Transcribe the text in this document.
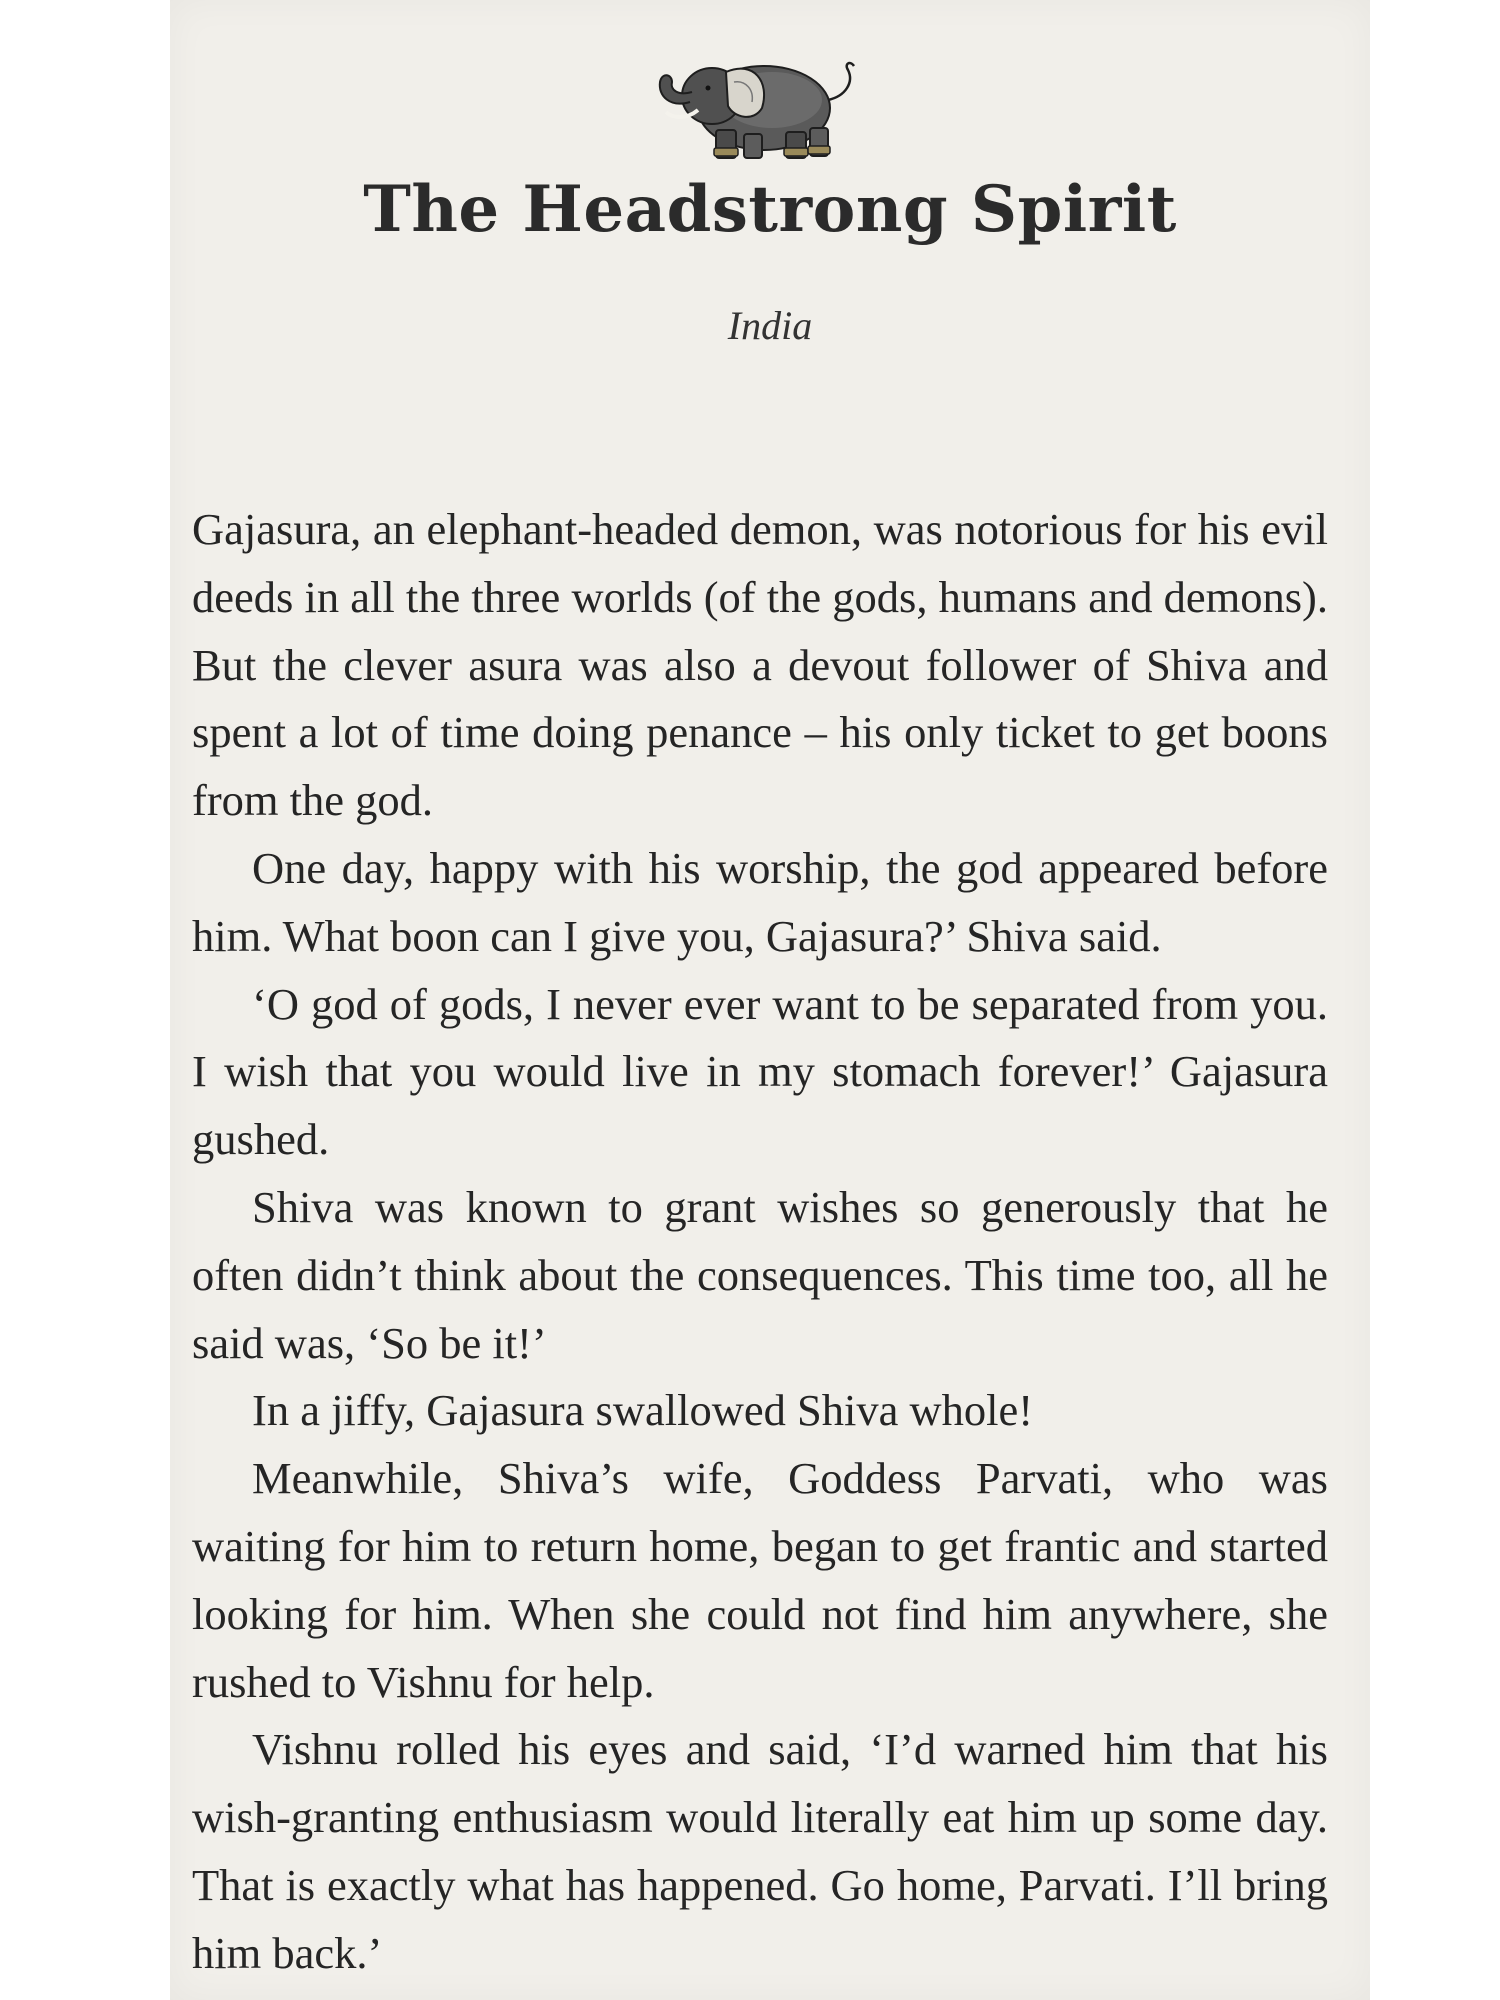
The Headstrong Spirit
India

Gajasura, an elephant-headed demon, was notorious for his evil deeds in all the three worlds (of the gods, humans and demons). But the clever asura was also a devout follower of Shiva and spent a lot of time doing penance – his only ticket to get boons from the god.

One day, happy with his worship, the god appeared before him. What boon can I give you, Gajasura?’ Shiva said.

‘O god of gods, I never ever want to be separated from you. I wish that you would live in my stomach forever!’ Gajasura gushed.

Shiva was known to grant wishes so generously that he often didn’t think about the consequences. This time too, all he said was, ‘So be it!’

In a jiffy, Gajasura swallowed Shiva whole!

Meanwhile, Shiva’s wife, Goddess Parvati, who was waiting for him to return home, began to get frantic and started looking for him. When she could not find him anywhere, she rushed to Vishnu for help.

Vishnu rolled his eyes and said, ‘I’d warned him that his wish-granting enthusiasm would literally eat him up some day. That is exactly what has happened. Go home, Parvati. I’ll bring him back.’
